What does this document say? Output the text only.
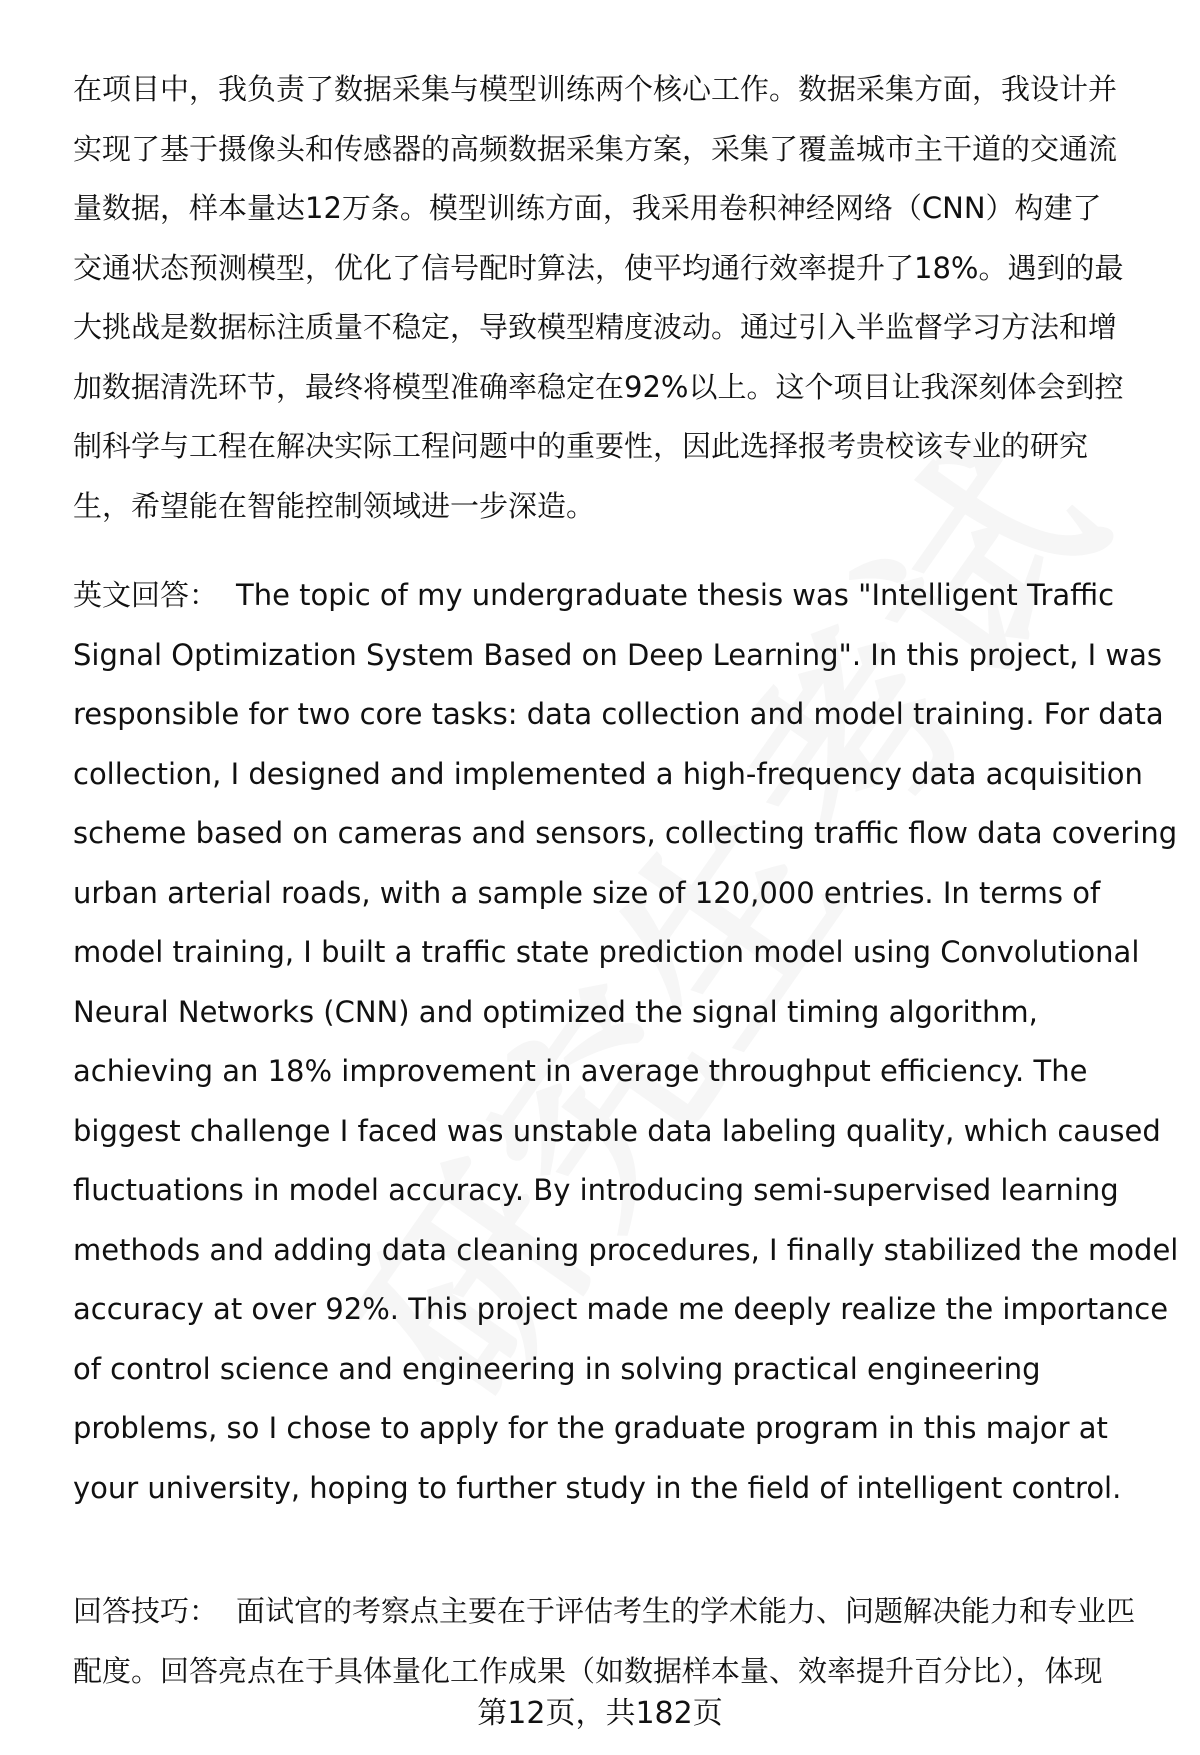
在项目中，我负责了数据采集与模型训练两个核心工作。数据采集方面，我设计并
实现了基于摄像头和传感器的高频数据采集方案，采集了覆盖城市主干道的交通流
量数据，样本量达12万条。模型训练方面，我采用卷积神经网络（CNN）构建了
交通状态预测模型，优化了信号配时算法，使平均通行效率提升了18%。遇到的最
大挑战是数据标注质量不稳定，导致模型精度波动。通过引入半监督学习方法和增
加数据清洗环节，最终将模型准确率稳定在92%以上。这个项目让我深刻体会到控
制科学与工程在解决实际工程问题中的重要性，因此选择报考贵校该专业的研究
生，希望能在智能控制领域进一步深造。

英文回答： The topic of my undergraduate thesis was "Intelligent Traffic
Signal Optimization System Based on Deep Learning". In this project, I was
responsible for two core tasks: data collection and model training. For data
collection, I designed and implemented a high-frequency data acquisition
scheme based on cameras and sensors, collecting traffic flow data covering
urban arterial roads, with a sample size of 120,000 entries. In terms of
model training, I built a traffic state prediction model using Convolutional
Neural Networks (CNN) and optimized the signal timing algorithm,
achieving an 18% improvement in average throughput efficiency. The
biggest challenge I faced was unstable data labeling quality, which caused
fluctuations in model accuracy. By introducing semi-supervised learning
methods and adding data cleaning procedures, I finally stabilized the model
accuracy at over 92%. This project made me deeply realize the importance
of control science and engineering in solving practical engineering
problems, so I chose to apply for the graduate program in this major at
your university, hoping to further study in the field of intelligent control.

回答技巧： 面试官的考察点主要在于评估考生的学术能力、问题解决能力和专业匹
配度。回答亮点在于具体量化工作成果（如数据样本量、效率提升百分比），体现

第12页，共182页
